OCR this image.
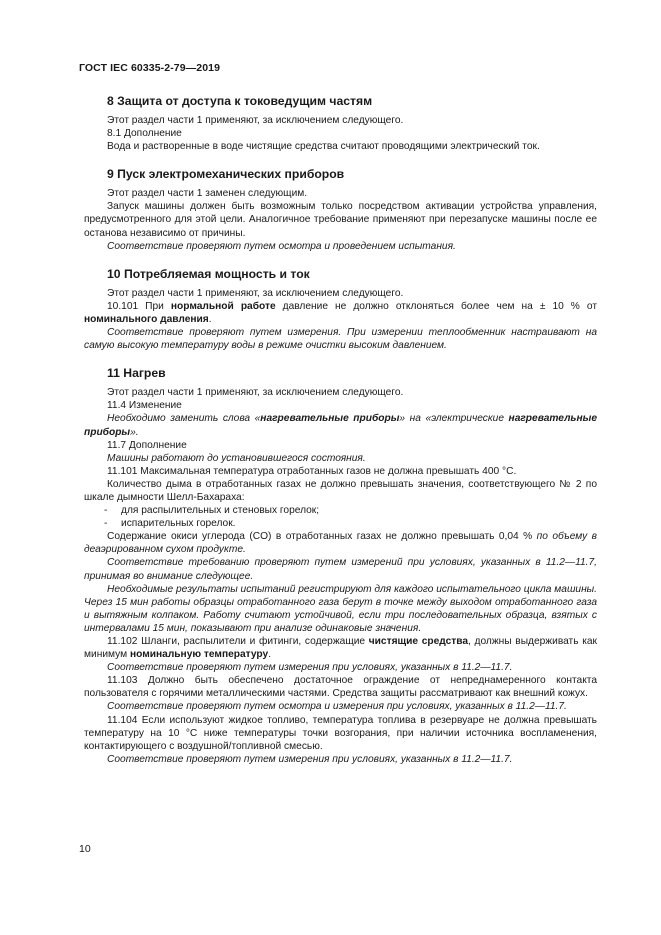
ГОСТ IEC 60335-2-79—2019
8 Защита от доступа к токоведущим частям

Этот раздел части 1 применяют, за исключением следующего.

8.1 Дополнение

Вода и растворенные в воде чистящие средства считают проводящими электрический ток.

9 Пуск электромеханических приборов

Этот раздел части 1 заменен следующим.

Запуск машины должен быть возможным только посредством активации устройства управления, предусмотренного для этой цели. Аналогичное требование применяют при перезапуске машины после ее останова независимо от причины.

Соответствие проверяют путем осмотра и проведением испытания.

10 Потребляемая мощность и ток

Этот раздел части 1 применяют, за исключением следующего.

10.101 При нормальной работе давление не должно отклоняться более чем на ± 10 % от номинального давления.

Соответствие проверяют путем измерения. При измерении теплообменник настраивают на самую высокую температуру воды в режиме очистки высоким давлением.

11 Нагрев

Этот раздел части 1 применяют, за исключением следующего.

11.4 Изменение

Необходимо заменить слова «нагревательные приборы» на «электрические нагревательные приборы».

11.7 Дополнение

Машины работают до установившегося состояния.

11.101 Максимальная температура отработанных газов не должна превышать 400 °С.

Количество дыма в отработанных газах не должно превышать значения, соответствующего № 2 по шкале дымности Шелл-Бахараха:

-	для распылительных и стеновых горелок;

-	испарительных горелок.

Содержание окиси углерода (CO) в отработанных газах не должно превышать 0,04 % по объему в деаэрированном сухом продукте.

Соответствие требованию проверяют путем измерений при условиях, указанных в 11.2—11.7, принимая во внимание следующее.

Необходимые результаты испытаний регистрируют для каждого испытательного цикла машины. Через 15 мин работы образцы отработанного газа берут в точке между выходом отработанного газа и вытяжным колпаком. Работу считают устойчивой, если три последовательных образца, взятых с интервалами 15 мин, показывают при анализе одинаковые значения.

11.102 Шланги, распылители и фитинги, содержащие чистящие средства, должны выдерживать как минимум номинальную температуру.

Соответствие проверяют путем измерения при условиях, указанных в 11.2—11.7.

11.103 Должно быть обеспечено достаточное ограждение от непреднамеренного контакта пользователя с горячими металлическими частями. Средства защиты рассматривают как внешний кожух.

Соответствие проверяют путем осмотра и измерения при условиях, указанных в 11.2—11.7.

11.104 Если используют жидкое топливо, температура топлива в резервуаре не должна превышать температуру на 10 °С ниже температуры точки возгорания, при наличии источника воспламенения, контактирующего с воздушной/топливной смесью.

Соответствие проверяют путем измерения при условиях, указанных в 11.2—11.7.

10
